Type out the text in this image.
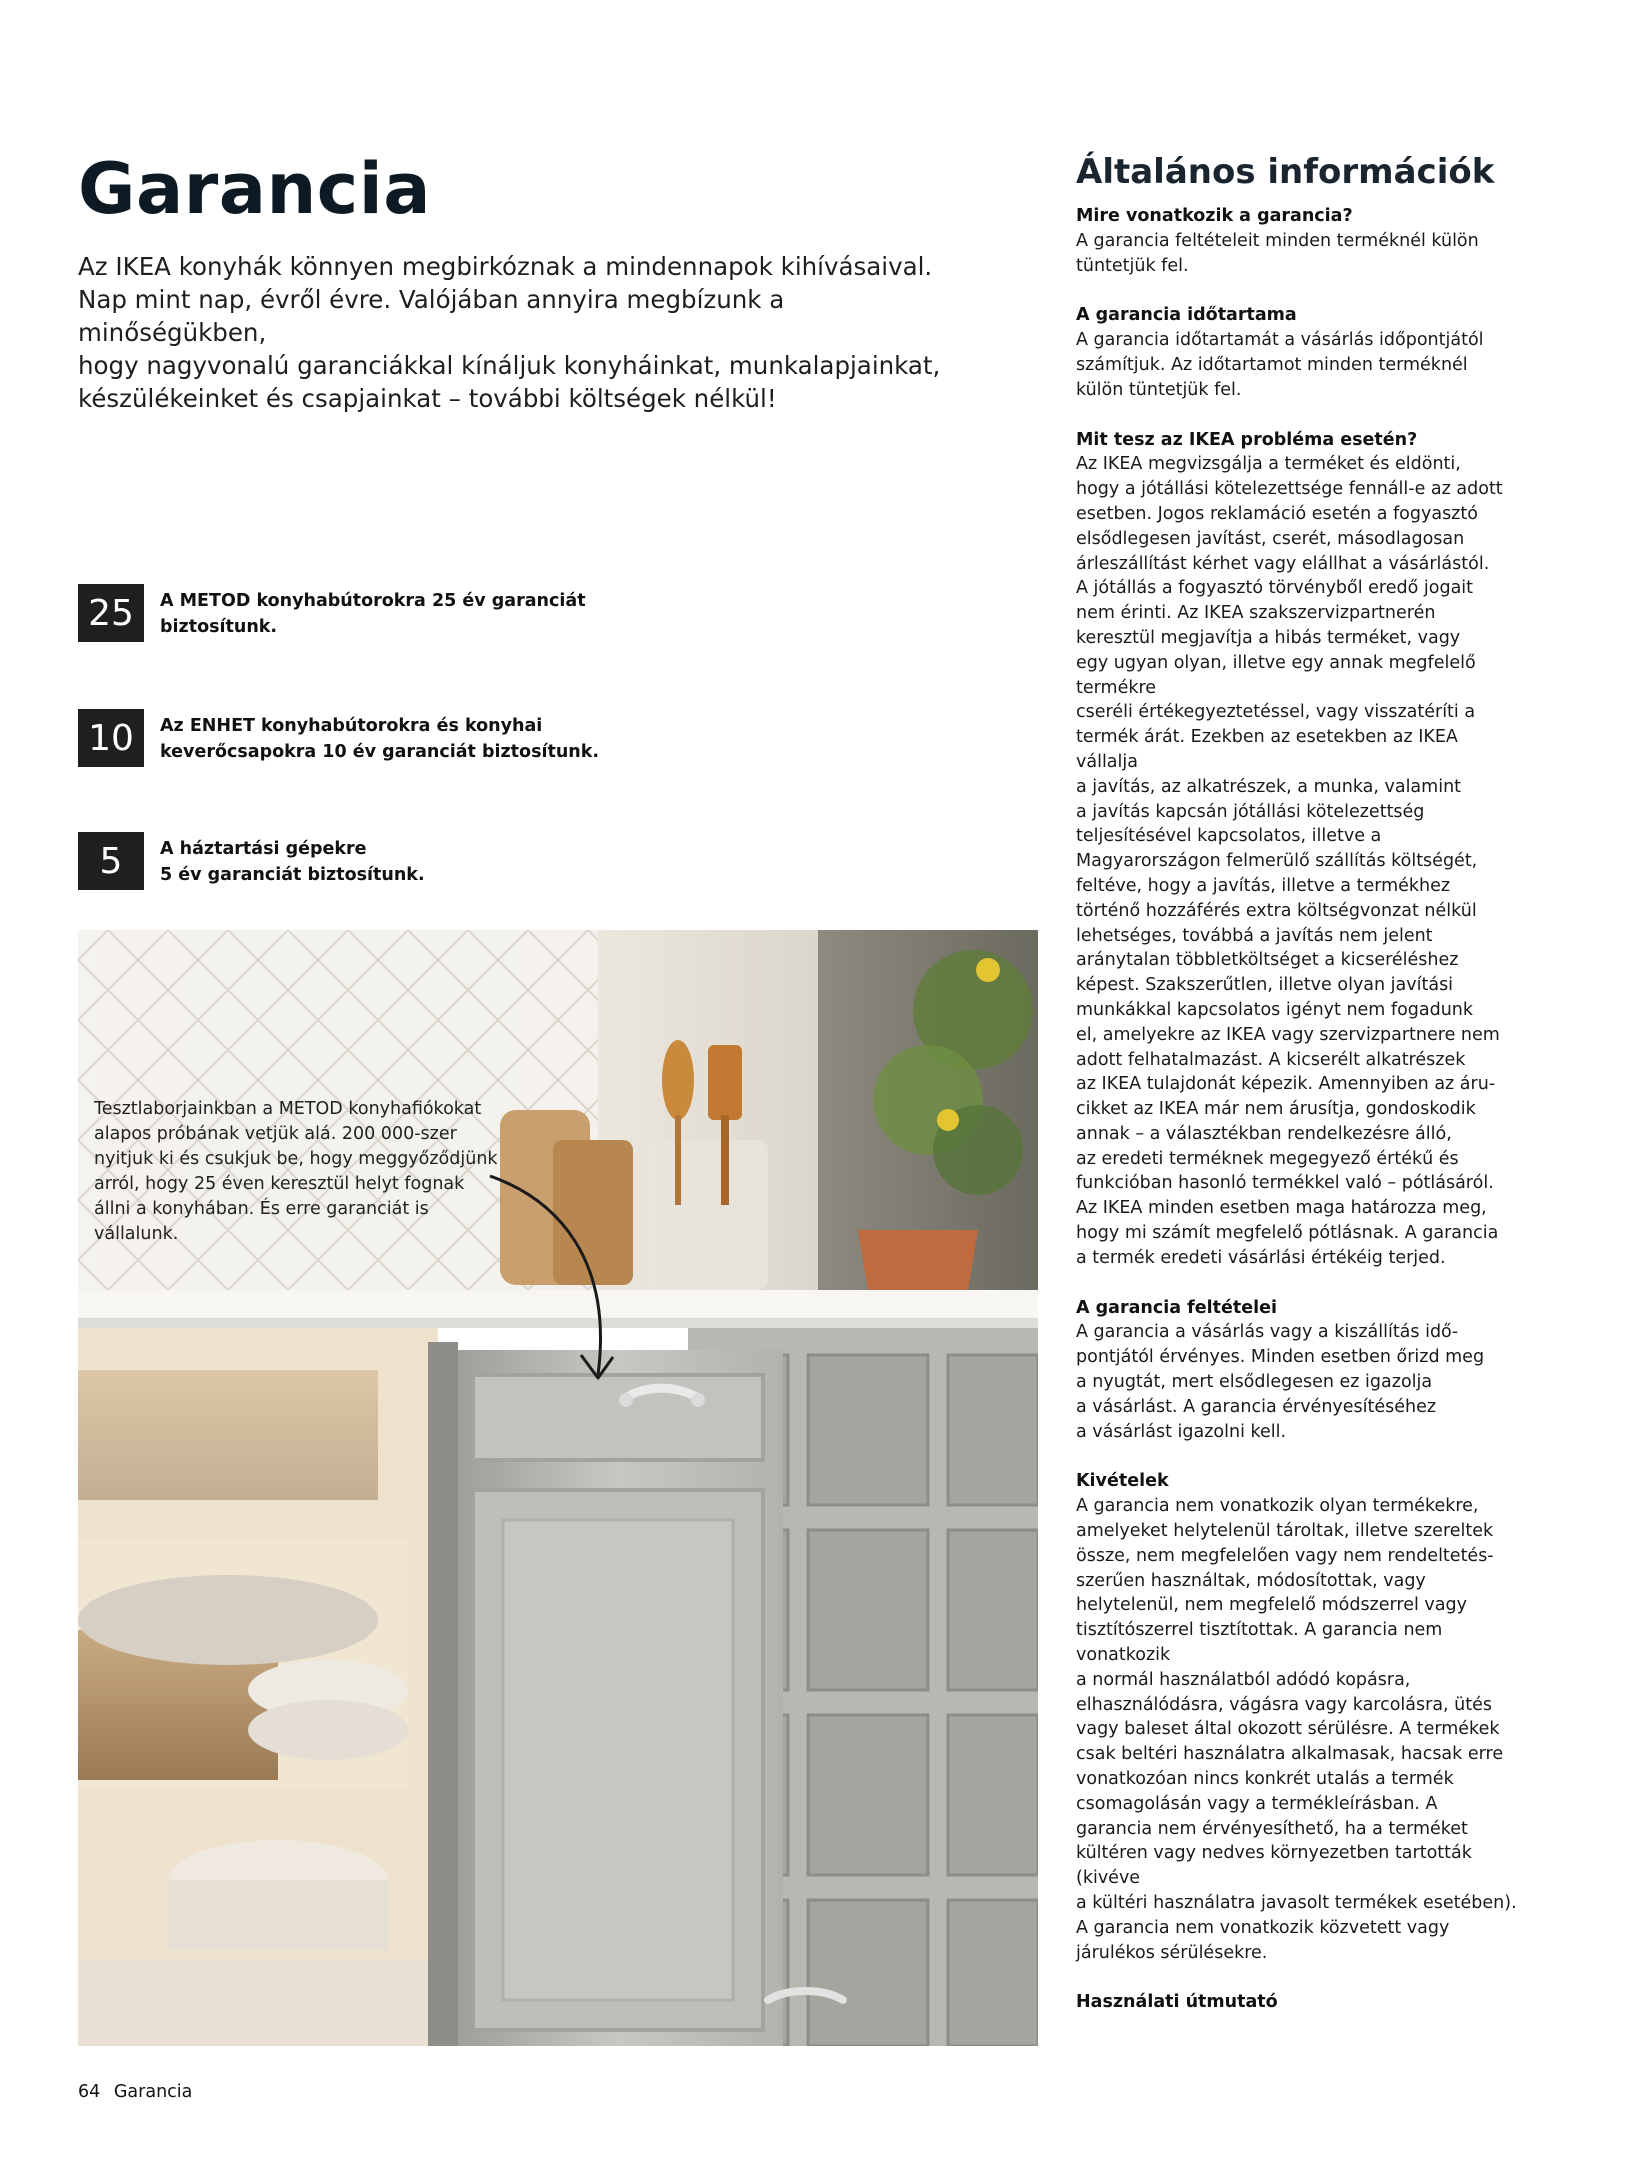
Garancia

Az IKEA konyhák könnyen megbirkóznak a mindennapok kihívásaival.
Nap mint nap, évről évre. Valójában annyira megbízunk a minőségükben,
hogy nagyvonalú garanciákkal kínáljuk konyháinkat, munkalapjainkat,
készülékeinket és csapjainkat – további költségek nélkül!

25	A METOD konyhabútorokra 25 év garanciát
biztosítunk.
10	Az ENHET konyhabútorokra és konyhai
keverőcsapokra 10 év garanciát biztosítunk.
5	A háztartási gépekre
5 év garanciát biztosítunk.

Tesztlaborjainkban a METOD konyhafiókokat
alapos próbának vetjük alá. 200 000-szer
nyitjuk ki és csukjuk be, hogy meggyőződjünk
arról, hogy 25 éven keresztül helyt fognak
állni a konyhában. És erre garanciát is
vállalunk.

64 Garancia
Általános információk
Mire vonatkozik a garancia?
A garancia feltételeit minden terméknél külön
tüntetjük fel.
A garancia időtartama
A garancia időtartamát a vásárlás időpontjától
számítjuk. Az időtartamot minden terméknél
külön tüntetjük fel.
Mit tesz az IKEA probléma esetén?
Az IKEA megvizsgálja a terméket és eldönti,
hogy a jótállási kötelezettsége fennáll-e az adott
esetben. Jogos reklamáció esetén a fogyasztó
elsődlegesen javítást, cserét, másodlagosan
árleszállítást kérhet vagy elállhat a vásárlástól.
A jótállás a fogyasztó törvényből eredő jogait
nem érinti. Az IKEA szakszervizpartnerén
keresztül megjavítja a hibás terméket, vagy
egy ugyan olyan, illetve egy annak megfelelő
termékre
cseréli értékegyeztetéssel, vagy visszatéríti a
termék árát. Ezekben az esetekben az IKEA
vállalja
a javítás, az alkatrészek, a munka, valamint
a javítás kapcsán jótállási kötelezettség
teljesítésével kapcsolatos, illetve a
Magyarországon felmerülő szállítás költségét,
feltéve, hogy a javítás, illetve a termékhez
történő hozzáférés extra költségvonzat nélkül
lehetséges, továbbá a javítás nem jelent
aránytalan többletköltséget a kicseréléshez
képest. Szakszerűtlen, illetve olyan javítási
munkákkal kapcsolatos igényt nem fogadunk
el, amelyekre az IKEA vagy szervizpartnere nem
adott felhatalmazást. A kicserélt alkatrészek
az IKEA tulajdonát képezik. Amennyiben az áru-
cikket az IKEA már nem árusítja, gondoskodik
annak – a választékban rendelkezésre álló,
az eredeti terméknek megegyező értékű és
funkcióban hasonló termékkel való – pótlásáról.
Az IKEA minden esetben maga határozza meg,
hogy mi számít megfelelő pótlásnak. A garancia
a termék eredeti vásárlási értékéig terjed.
A garancia feltételei
A garancia a vásárlás vagy a kiszállítás idő-
pontjától érvényes. Minden esetben őrizd meg
a nyugtát, mert elsődlegesen ez igazolja
a vásárlást. A garancia érvényesítéséhez
a vásárlást igazolni kell.
Kivételek
A garancia nem vonatkozik olyan termékekre,
amelyeket helytelenül tároltak, illetve szereltek
össze, nem megfelelően vagy nem rendeltetés-
szerűen használtak, módosítottak, vagy
helytelenül, nem megfelelő módszerrel vagy
tisztítószerrel tisztítottak. A garancia nem
vonatkozik
a normál használatból adódó kopásra,
elhasználódásra, vágásra vagy karcolásra, ütés
vagy baleset által okozott sérülésre. A termékek
csak beltéri használatra alkalmasak, hacsak erre
vonatkozóan nincs konkrét utalás a termék
csomagolásán vagy a termékleírásban. A
garancia nem érvényesíthető, ha a terméket
kültéren vagy nedves környezetben tartották
(kivéve
a kültéri használatra javasolt termékek esetében).
A garancia nem vonatkozik közvetett vagy
járulékos sérülésekre.
Használati útmutató
